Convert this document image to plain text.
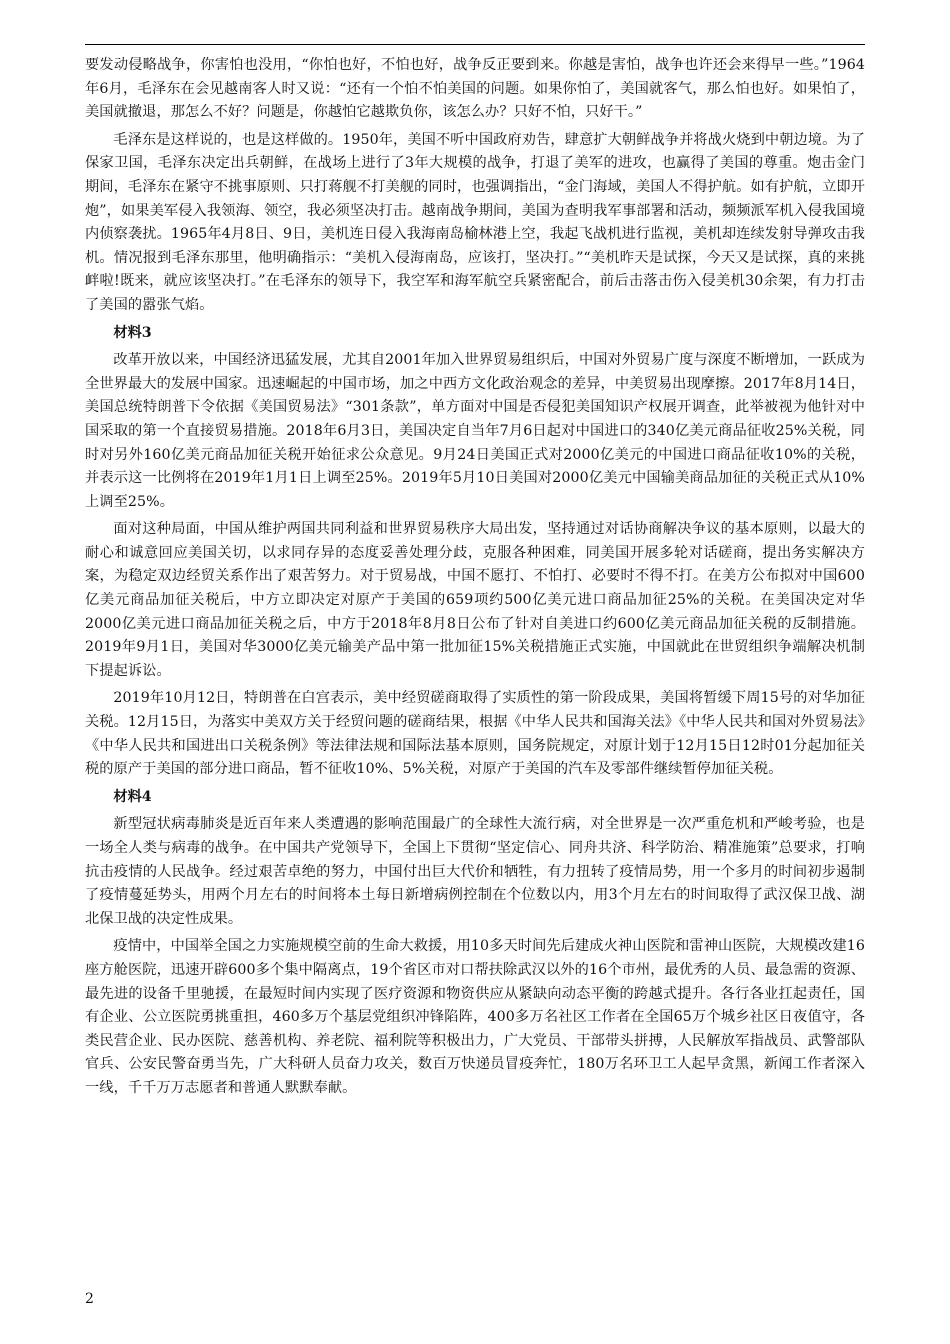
要发动侵略战争，你害怕也没用，“你怕也好，不怕也好，战争反正要到来。你越是害怕，战争也许还会来得早一些。”1964年6月，毛泽东在会见越南客人时又说：“还有一个怕不怕美国的问题。如果你怕了，美国就客气，那么怕也好。如果怕了，美国就撤退，那怎么不好？问题是，你越怕它越欺负你，该怎么办？只好不怕，只好干。”

毛泽东是这样说的，也是这样做的。1950年，美国不听中国政府劝告，肆意扩大朝鲜战争并将战火烧到中朝边境。为了保家卫国，毛泽东决定出兵朝鲜，在战场上进行了3年大规模的战争，打退了美军的进攻，也赢得了美国的尊重。炮击金门期间，毛泽东在紧守不挑事原则、只打蒋舰不打美舰的同时，也强调指出，“金门海域，美国人不得护航。如有护航，立即开炮”，如果美军侵入我领海、领空，我必须坚决打击。越南战争期间，美国为查明我军事部署和活动，频频派军机入侵我国境内侦察袭扰。1965年4月8日、9日，美机连日侵入我海南岛榆林港上空，我起飞战机进行监视，美机却连续发射导弹攻击我机。情况报到毛泽东那里，他明确指示：“美机入侵海南岛，应该打，坚决打。”“美机昨天是试探，今天又是试探，真的来挑衅啦!既来，就应该坚决打。”在毛泽东的领导下，我空军和海军航空兵紧密配合，前后击落击伤入侵美机30余架，有力打击了美国的嚣张气焰。

材料3

改革开放以来，中国经济迅猛发展，尤其自2001年加入世界贸易组织后，中国对外贸易广度与深度不断增加，一跃成为全世界最大的发展中国家。迅速崛起的中国市场，加之中西方文化政治观念的差异，中美贸易出现摩擦。2017年8月14日，美国总统特朗普下令依据《美国贸易法》“301条款”，单方面对中国是否侵犯美国知识产权展开调查，此举被视为他针对中国采取的第一个直接贸易措施。2018年6月3日，美国决定自当年7月6日起对中国进口的340亿美元商品征收25%关税，同时对另外160亿美元商品加征关税开始征求公众意见。9月24日美国正式对2000亿美元的中国进口商品征收10%的关税，并表示这一比例将在2019年1月1日上调至25%。2019年5月10日美国对2000亿美元中国输美商品加征的关税正式从10%上调至25%。

面对这种局面，中国从维护两国共同利益和世界贸易秩序大局出发，坚持通过对话协商解决争议的基本原则，以最大的耐心和诚意回应美国关切，以求同存异的态度妥善处理分歧，克服各种困难，同美国开展多轮对话磋商，提出务实解决方案，为稳定双边经贸关系作出了艰苦努力。对于贸易战，中国不愿打、不怕打、必要时不得不打。在美方公布拟对中国600亿美元商品加征关税后，中方立即决定对原产于美国的659项约500亿美元进口商品加征25%的关税。在美国决定对华2000亿美元进口商品加征关税之后，中方于2018年8月8日公布了针对自美进口约600亿美元商品加征关税的反制措施。2019年9月1日，美国对华3000亿美元输美产品中第一批加征15%关税措施正式实施，中国就此在世贸组织争端解决机制下提起诉讼。

2019年10月12日，特朗普在白宫表示，美中经贸磋商取得了实质性的第一阶段成果，美国将暂缓下周15号的对华加征关税。12月15日，为落实中美双方关于经贸问题的磋商结果，根据《中华人民共和国海关法》《中华人民共和国对外贸易法》《中华人民共和国进出口关税条例》等法律法规和国际法基本原则，国务院规定，对原计划于12月15日12时01分起加征关税的原产于美国的部分进口商品，暂不征收10%、5%关税，对原产于美国的汽车及零部件继续暂停加征关税。

材料4

新型冠状病毒肺炎是近百年来人类遭遇的影响范围最广的全球性大流行病，对全世界是一次严重危机和严峻考验，也是一场全人类与病毒的战争。在中国共产党领导下，全国上下贯彻“坚定信心、同舟共济、科学防治、精准施策”总要求，打响抗击疫情的人民战争。经过艰苦卓绝的努力，中国付出巨大代价和牺牲，有力扭转了疫情局势，用一个多月的时间初步遏制了疫情蔓延势头，用两个月左右的时间将本土每日新增病例控制在个位数以内，用3个月左右的时间取得了武汉保卫战、湖北保卫战的决定性成果。

疫情中，中国举全国之力实施规模空前的生命大救援，用10多天时间先后建成火神山医院和雷神山医院，大规模改建16座方舱医院，迅速开辟600多个集中隔离点，19个省区市对口帮扶除武汉以外的16个市州，最优秀的人员、最急需的资源、最先进的设备千里驰援，在最短时间内实现了医疗资源和物资供应从紧缺向动态平衡的跨越式提升。各行各业扛起责任，国有企业、公立医院勇挑重担，460多万个基层党组织冲锋陷阵，400多万名社区工作者在全国65万个城乡社区日夜值守，各类民营企业、民办医院、慈善机构、养老院、福利院等积极出力，广大党员、干部带头拼搏，人民解放军指战员、武警部队官兵、公安民警奋勇当先，广大科研人员奋力攻关，数百万快递员冒疫奔忙，180万名环卫工人起早贪黑，新闻工作者深入一线，千千万万志愿者和普通人默默奉献。

2
